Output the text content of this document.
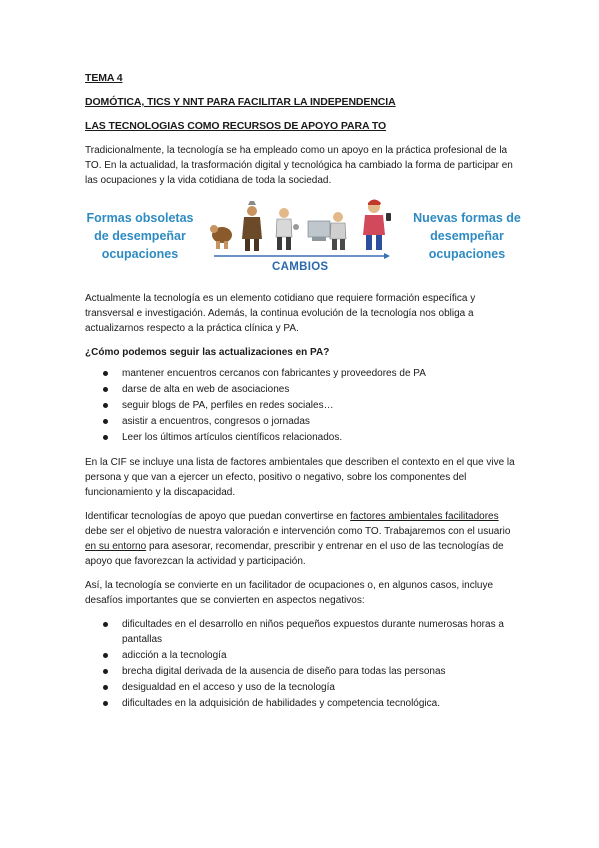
TEMA 4
DOMÓTICA, TICS Y NNT PARA FACILITAR LA INDEPENDENCIA
LAS TECNOLOGIAS COMO RECURSOS DE APOYO PARA TO

Tradicionalmente, la tecnología se ha empleado como un apoyo en la práctica profesional de la TO. En la actualidad, la trasformación digital y tecnológica ha cambiado la forma de participar en las ocupaciones y la vida cotidiana de toda la sociedad.

Formas obsoletas de desempeñar ocupaciones
CAMBIOS
Nuevas formas de desempeñar ocupaciones

Actualmente la tecnología es un elemento cotidiano que requiere formación específica y transversal e investigación. Además, la continua evolución de la tecnología nos obliga a actualizarnos respecto a la práctica clínica y PA.

¿Cómo podemos seguir las actualizaciones en PA?

mantener encuentros cercanos con fabricantes y proveedores de PA
darse de alta en web de asociaciones
seguir blogs de PA, perfiles en redes sociales…
asistir a encuentros, congresos o jornadas
Leer los últimos artículos científicos relacionados.

En la CIF se incluye una lista de factores ambientales que describen el contexto en el que vive la persona y que van a ejercer un efecto, positivo o negativo, sobre los componentes del funcionamiento y la discapacidad.

Identificar tecnologías de apoyo que puedan convertirse en factores ambientales facilitadores debe ser el objetivo de nuestra valoración e intervención como TO. Trabajaremos con el usuario en su entorno para asesorar, recomendar, prescribir y entrenar en el uso de las tecnologías de apoyo que favorezcan la actividad y participación.

Así, la tecnología se convierte en un facilitador de ocupaciones o, en algunos casos, incluye desafíos importantes que se convierten en aspectos negativos:

dificultades en el desarrollo en niños pequeños expuestos durante numerosas horas a pantallas
adicción a la tecnología
brecha digital derivada de la ausencia de diseño para todas las personas
desigualdad en el acceso y uso de la tecnología
dificultades en la adquisición de habilidades y competencia tecnológica.
